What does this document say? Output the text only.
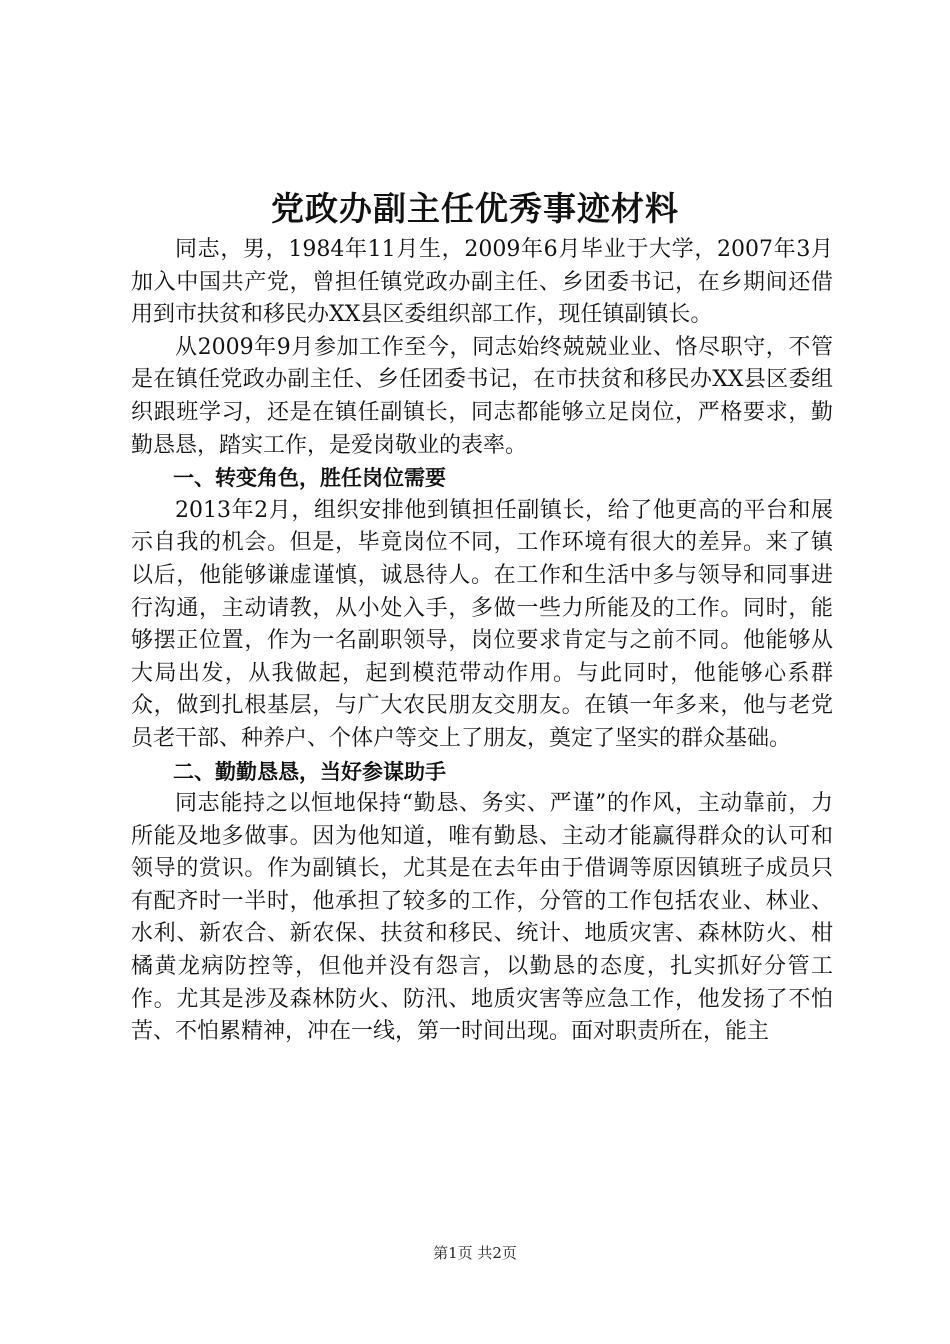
党政办副主任优秀事迹材料

同志，男，1984年11月生，2009年6月毕业于大学，2007年3月加入中国共产党，曾担任镇党政办副主任、乡团委书记，在乡期间还借用到市扶贫和移民办XX县区委组织部工作，现任镇副镇长。

从2009年9月参加工作至今，同志始终兢兢业业、恪尽职守，不管是在镇任党政办副主任、乡任团委书记，在市扶贫和移民办XX县区委组织跟班学习，还是在镇任副镇长，同志都能够立足岗位，严格要求，勤勤恳恳，踏实工作，是爱岗敬业的表率。

一、转变角色，胜任岗位需要

2013年2月，组织安排他到镇担任副镇长，给了他更高的平台和展示自我的机会。但是，毕竟岗位不同，工作环境有很大的差异。来了镇以后，他能够谦虚谨慎，诚恳待人。在工作和生活中多与领导和同事进行沟通，主动请教，从小处入手，多做一些力所能及的工作。同时，能够摆正位置，作为一名副职领导，岗位要求肯定与之前不同。他能够从大局出发，从我做起，起到模范带动作用。与此同时，他能够心系群众，做到扎根基层，与广大农民朋友交朋友。在镇一年多来，他与老党员老干部、种养户、个体户等交上了朋友，奠定了坚实的群众基础。

二、勤勤恳恳，当好参谋助手

同志能持之以恒地保持“勤恳、务实、严谨”的作风，主动靠前，力所能及地多做事。因为他知道，唯有勤恳、主动才能赢得群众的认可和领导的赏识。作为副镇长，尤其是在去年由于借调等原因镇班子成员只有配齐时一半时，他承担了较多的工作，分管的工作包括农业、林业、水利、新农合、新农保、扶贫和移民、统计、地质灾害、森林防火、柑橘黄龙病防控等，但他并没有怨言，以勤恳的态度，扎实抓好分管工作。尤其是涉及森林防火、防汛、地质灾害等应急工作，他发扬了不怕苦、不怕累精神，冲在一线，第一时间出现。面对职责所在，能主

第1页 共2页
